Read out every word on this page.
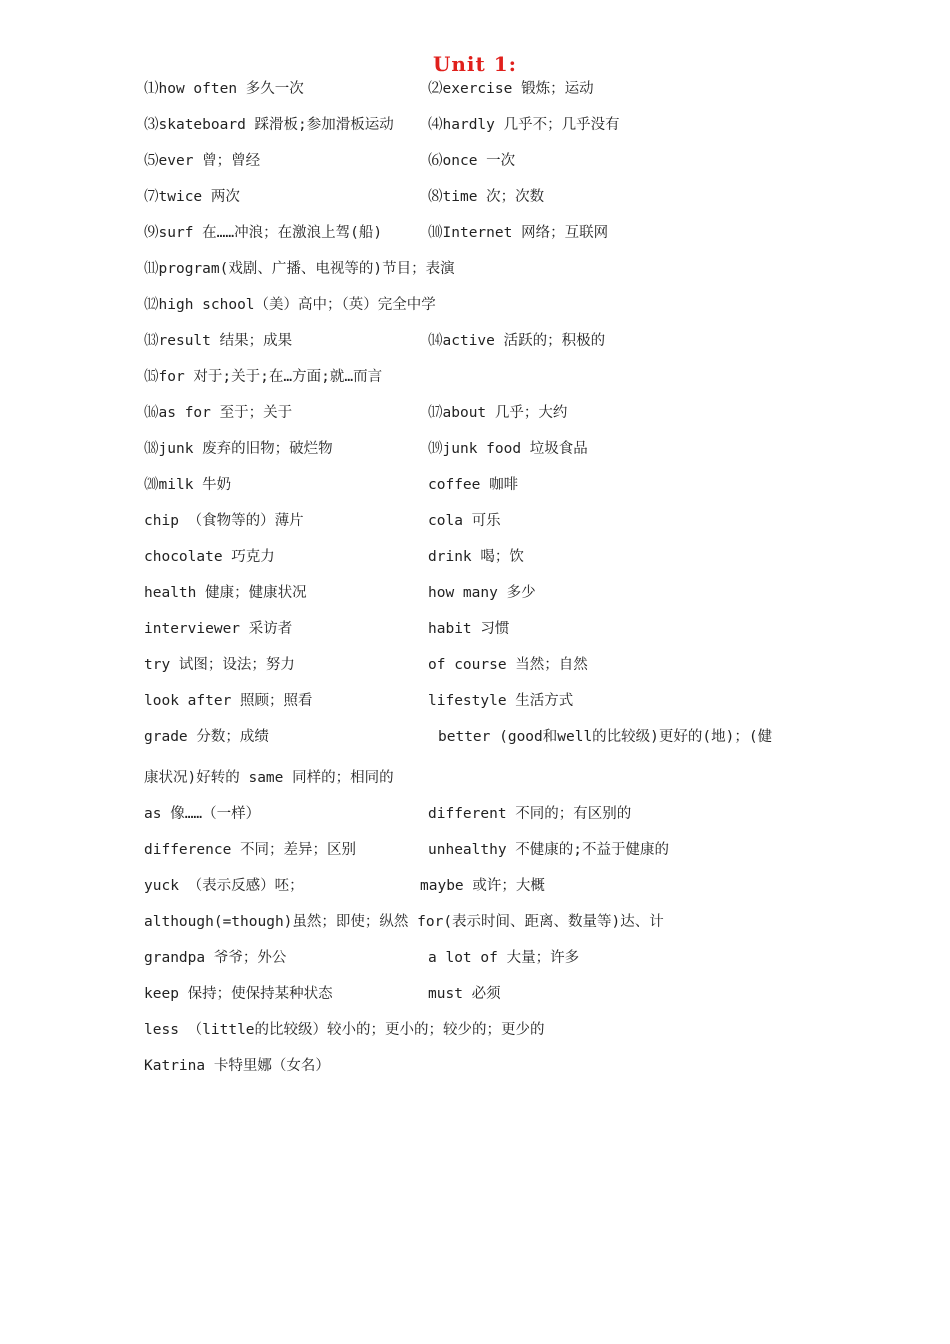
Unit 1:
⑴how often 多久一次	⑵exercise 锻炼；运动
⑶skateboard 踩滑板;参加滑板运动 ⑷hardly 几乎不；几乎没有
⑸ever 曾；曾经	⑹once 一次
⑺twice 两次	⑻time 次；次数
⑼surf 在……冲浪；在激浪上驾(船)	⑽Internet 网络；互联网
⑾program(戏剧、广播、电视等的)节目；表演
⑿high school（美）高中；（英）完全中学
⒀result 结果；成果	⒁active 活跃的；积极的
⒂for 对于;关于;在…方面;就…而言
⒃as for 至于；关于	⒄about 几乎；大约
⒅junk 废弃的旧物；破烂物	⒆junk food 垃圾食品
⒇milk 牛奶	coffee 咖啡
chip （食物等的）薄片	cola 可乐
chocolate 巧克力	drink 喝；饮
health 健康；健康状况	how many 多少
interviewer 采访者	habit 习惯
try 试图；设法；努力	of course 当然；自然
look after 照顾；照看	lifestyle 生活方式
grade 分数；成绩	better (good和well的比较级)更好的(地)；(健
康状况)好转的 same 同样的；相同的
as 像……（一样）	different 不同的；有区别的
difference 不同；差异；区别	unhealthy 不健康的;不益于健康的
yuck （表示反感）呸；	maybe 或许；大概
although(=though)虽然；即使；纵然 for(表示时间、距离、数量等)达、计
grandpa 爷爷；外公	a lot of 大量；许多
keep 保持；使保持某种状态	must 必须
less （little的比较级）较小的；更小的；较少的；更少的
Katrina 卡特里娜（女名）
